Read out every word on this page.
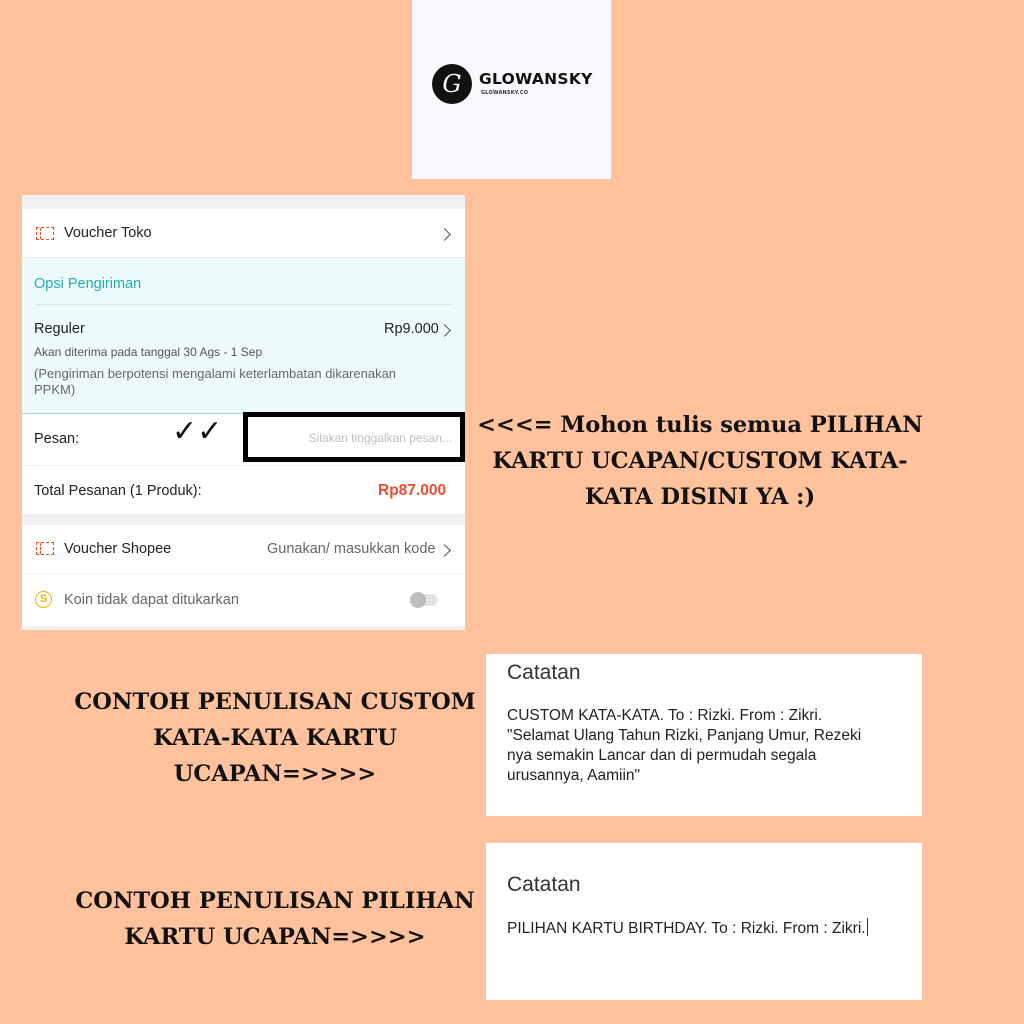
G GLOWANSKY
GLOWANSKY.CO
Voucher Toko
Opsi Pengiriman
Reguler	Rp9.000
Akan diterima pada tanggal 30 Ags - 1 Sep
(Pengiriman berpotensi mengalami keterlambatan dikarenakan PPKM)
Pesan:	✓✓	Silakan tinggalkan pesan...
Total Pesanan (1 Produk):	Rp87.000
Voucher Shopee	Gunakan/ masukkan kode
S	Koin tidak dapat ditukarkan
<<<= Mohon tulis semua PILIHAN
KARTU UCAPAN/CUSTOM KATA-
KATA DISINI YA :)
CONTOH PENULISAN CUSTOM
KATA-KATA KARTU
UCAPAN=>>>>
Catatan
CUSTOM KATA-KATA. To : Rizki. From : Zikri.
"Selamat Ulang Tahun Rizki, Panjang Umur, Rezeki
nya semakin Lancar dan di permudah segala
urusannya, Aamiin"
CONTOH PENULISAN PILIHAN
KARTU UCAPAN=>>>>
Catatan
PILIHAN KARTU BIRTHDAY. To : Rizki. From : Zikri.
